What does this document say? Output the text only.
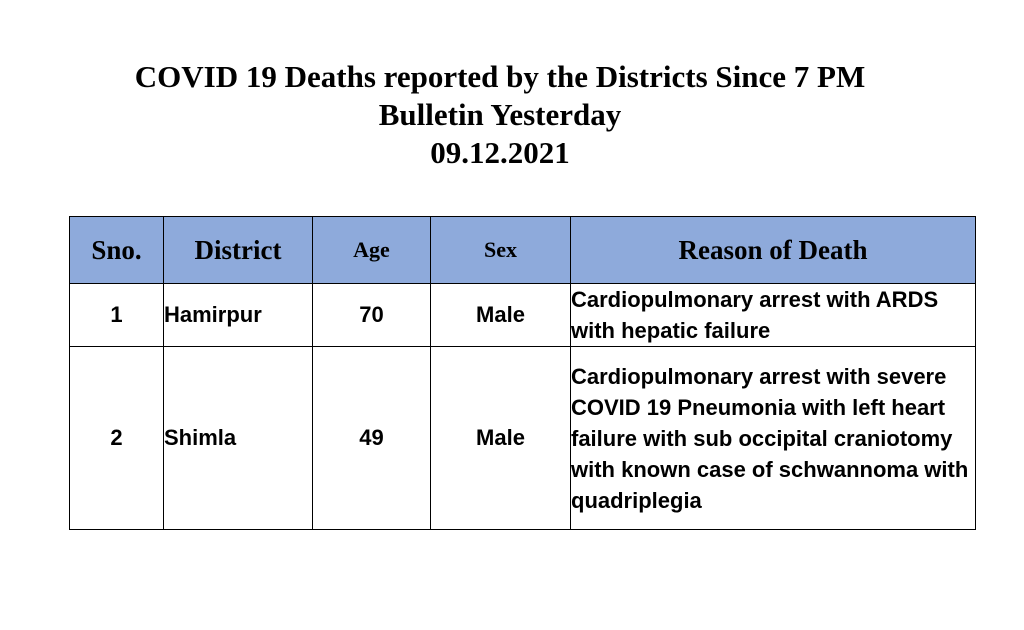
COVID 19 Deaths reported by the Districts Since 7 PM
Bulletin Yesterday
09.12.2021
Sno.	District	Age	Sex	Reason of Death
1	Hamirpur	70	Male	Cardiopulmonary arrest with ARDS with hepatic failure
2	Shimla	49	Male	Cardiopulmonary arrest with severe COVID 19 Pneumonia with left heart failure with sub occipital craniotomy with known case of schwannoma with quadriplegia
